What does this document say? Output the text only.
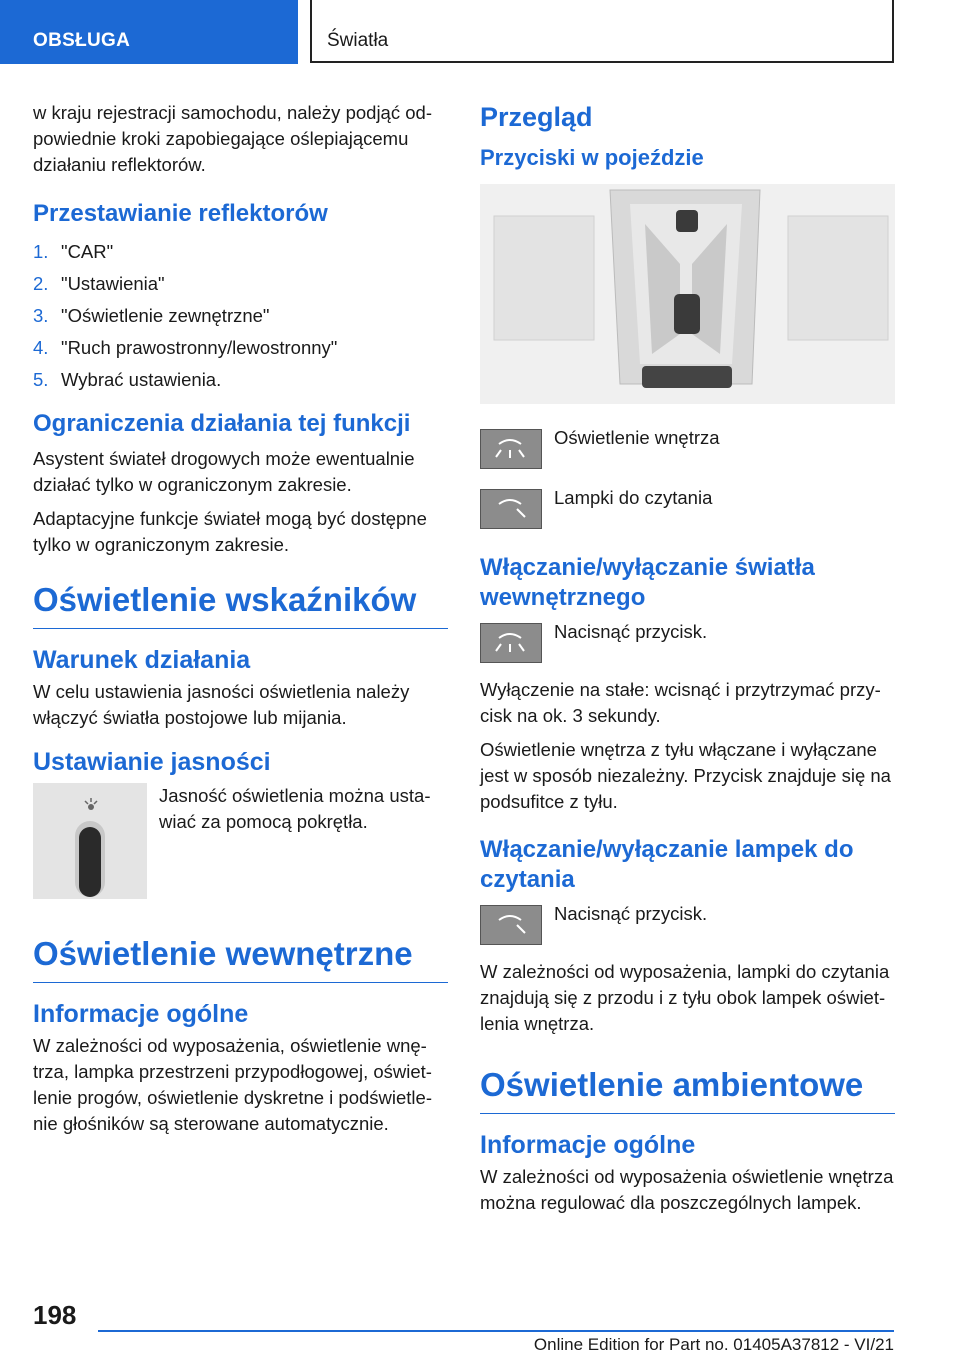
OBSŁUGA	Światła

w kraju rejestracji samochodu, należy podjąć odpowiednie kroki zapobiegające oślepiającemu działaniu reflektorów.

Przestawianie reflektorów
1. "CAR"
2. "Ustawienia"
3. "Oświetlenie zewnętrzne"
4. "Ruch prawostronny/lewostronny"
5. Wybrać ustawienia.
Ograniczenia działania tej funkcji

Asystent świateł drogowych może ewentualnie działać tylko w ograniczonym zakresie.

Adaptacyjne funkcje świateł mogą być dostępne tylko w ograniczonym zakresie.

Oświetlenie wskaźników
Warunek działania

W celu ustawienia jasności oświetlenia należy włączyć światła postojowe lub mijania.

Ustawianie jasności

Jasność oświetlenia można ustawiać za pomocą pokrętła.

Oświetlenie wewnętrzne
Informacje ogólne

W zależności od wyposażenia, oświetlenie wnętrza, lampka przestrzeni przypodłogowej, oświetlenie progów, oświetlenie dyskretne i podświetlenie głośników są sterowane automatycznie.

Przegląd
Przyciski w pojeździe

Oświetlenie wnętrza

Lampki do czytania

Włączanie/wyłączanie światła wewnętrznego

Nacisnąć przycisk.

Wyłączenie na stałe: wcisnąć i przytrzymać przycisk na ok. 3 sekundy.

Oświetlenie wnętrza z tyłu włączane i wyłączane jest w sposób niezależny. Przycisk znajduje się na podsufitce z tyłu.

Włączanie/wyłączanie lampek do czytania

Nacisnąć przycisk.

W zależności od wyposażenia, lampki do czytania znajdują się z przodu i z tyłu obok lampek oświetlenia wnętrza.

Oświetlenie ambientowe
Informacje ogólne

W zależności od wyposażenia oświetlenie wnętrza można regulować dla poszczególnych lampek.

198
Online Edition for Part no. 01405A37812 - VI/21
